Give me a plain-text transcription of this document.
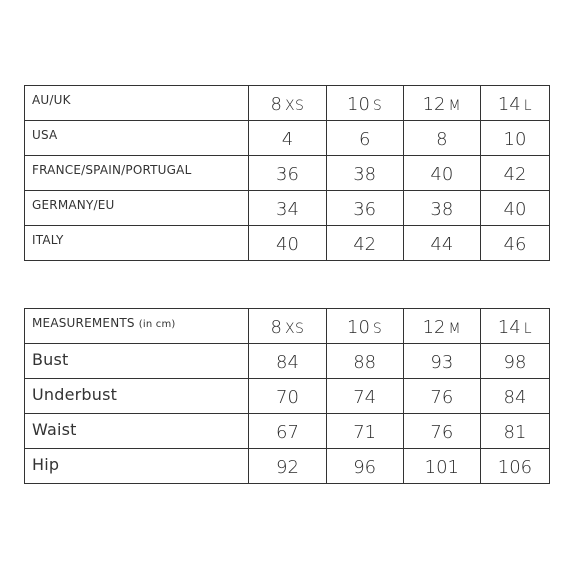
AU/UK	8 XS	10 S	12 M	14 L
USA	4	6	8	10
FRANCE/SPAIN/PORTUGAL	36	38	40	42
GERMANY/EU	34	36	38	40
ITALY	40	42	44	46
MEASUREMENTS (in cm)	8 XS	10 S	12 M	14 L
Bust	84	88	93	98
Underbust	70	74	76	84
Waist	67	71	76	81
Hip	92	96	101	106
